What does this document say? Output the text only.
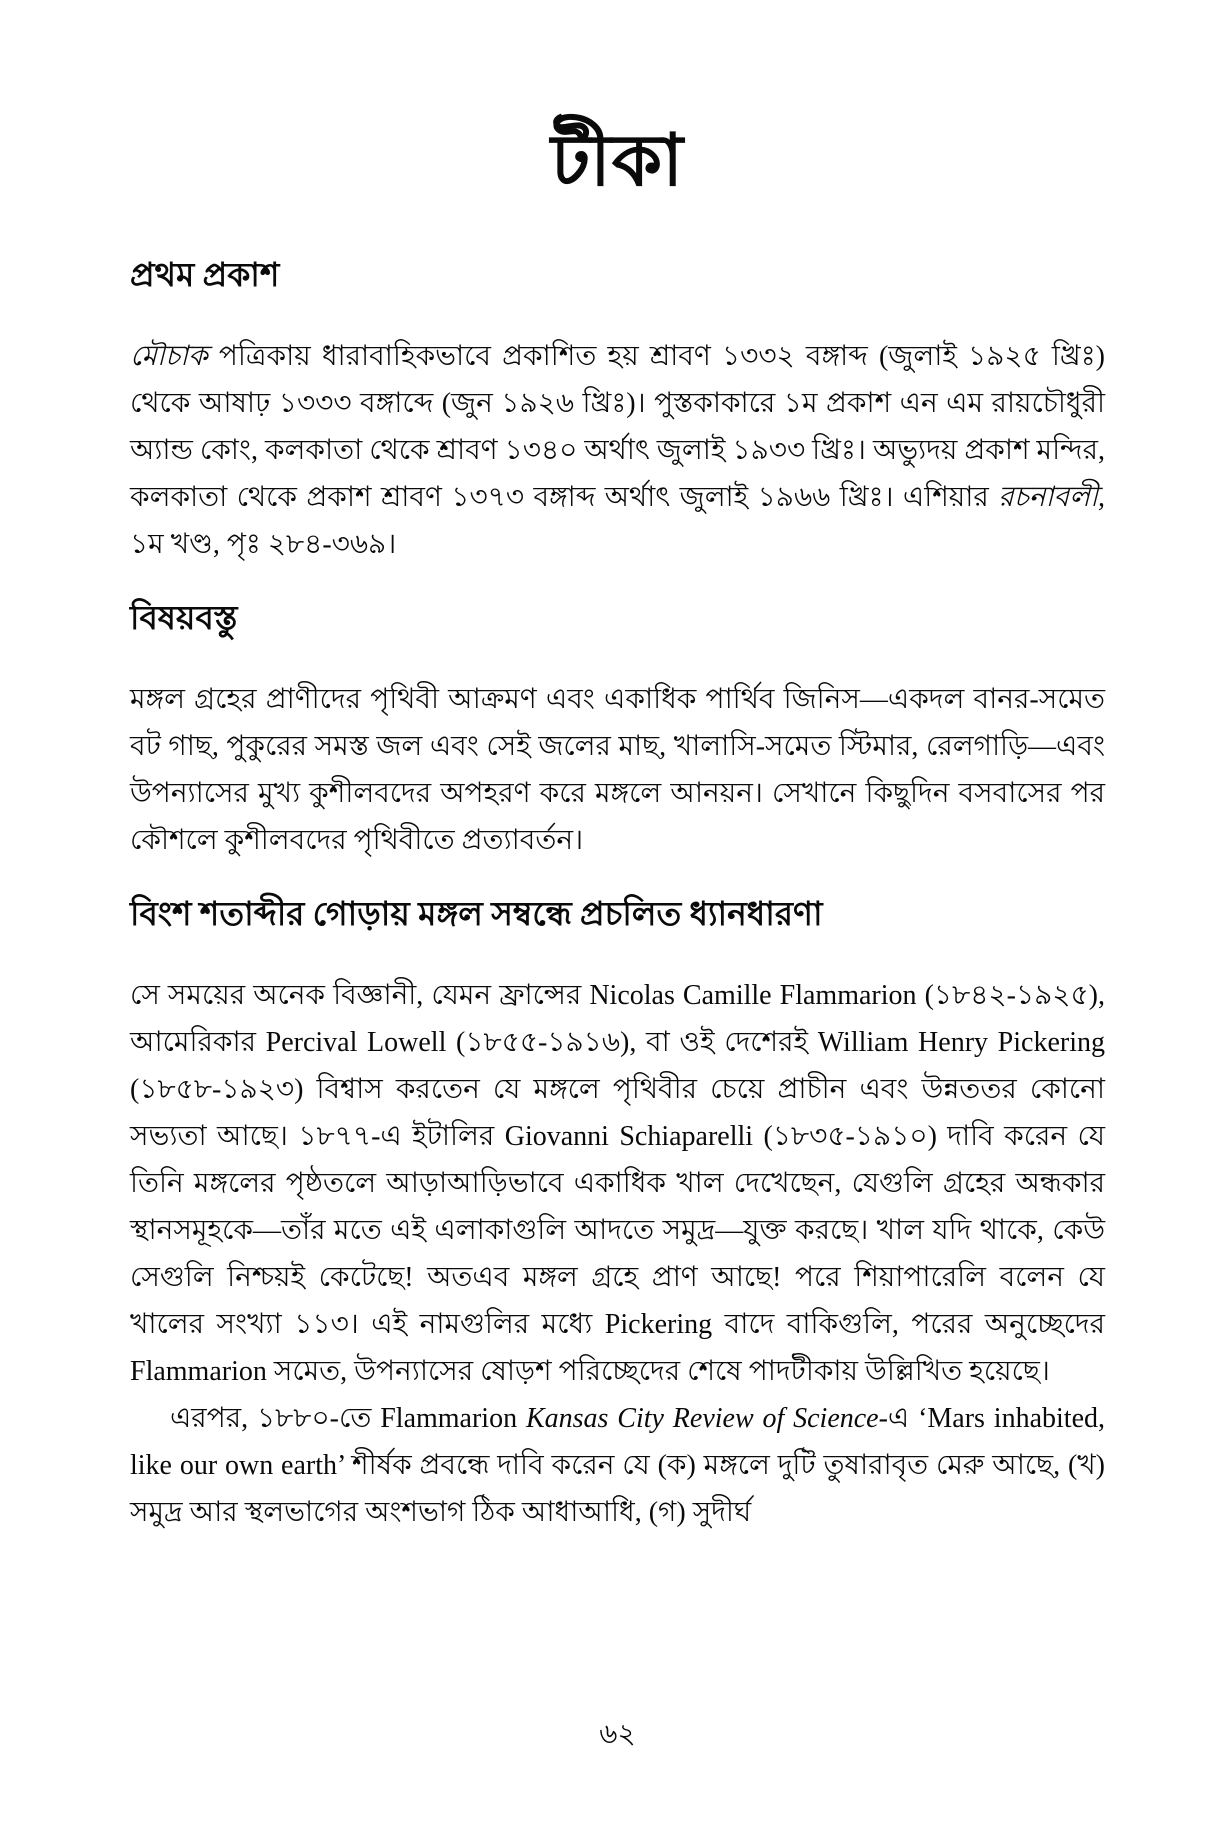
টীকা
প্রথম প্রকাশ

মৌচাক পত্রিকায় ধারাবাহিকভাবে প্রকাশিত হয় শ্রাবণ ১৩৩২ বঙ্গাব্দ (জুলাই ১৯২৫ খ্রিঃ) থেকে আষাঢ় ১৩৩৩ বঙ্গাব্দে (জুন ১৯২৬ খ্রিঃ)। পুস্তকাকারে ১ম প্রকাশ এন এম রায়চৌধুরী অ্যান্ড কোং, কলকাতা থেকে শ্রাবণ ১৩৪০ অর্থাৎ জুলাই ১৯৩৩ খ্রিঃ। অভ্যুদয় প্রকাশ মন্দির, কলকাতা থেকে প্রকাশ শ্রাবণ ১৩৭৩ বঙ্গাব্দ অর্থাৎ জুলাই ১৯৬৬ খ্রিঃ। এশিয়ার রচনাবলী, ১ম খণ্ড, পৃঃ ২৮৪-৩৬৯।

বিষয়বস্তু

মঙ্গল গ্রহের প্রাণীদের পৃথিবী আক্রমণ এবং একাধিক পার্থিব জিনিস—একদল বানর-সমেত বট গাছ, পুকুরের সমস্ত জল এবং সেই জলের মাছ, খালাসি-সমেত স্টিমার, রেলগাড়ি—এবং উপন্যাসের মুখ্য কুশীলবদের অপহরণ করে মঙ্গলে আনয়ন। সেখানে কিছুদিন বসবাসের পর কৌশলে কুশীলবদের পৃথিবীতে প্রত্যাবর্তন।

বিংশ শতাব্দীর গোড়ায় মঙ্গল সম্বন্ধে প্রচলিত ধ্যানধারণা

সে সময়ের অনেক বিজ্ঞানী, যেমন ফ্রান্সের Nicolas Camille Flammarion (১৮৪২-১৯২৫), আমেরিকার Percival Lowell (১৮৫৫-১৯১৬), বা ওই দেশেরই William Henry Pickering (১৮৫৮-১৯২৩) বিশ্বাস করতেন যে মঙ্গলে পৃথিবীর চেয়ে প্রাচীন এবং উন্নততর কোনো সভ্যতা আছে। ১৮৭৭-এ ইটালির Giovanni Schiaparelli (১৮৩৫-১৯১০) দাবি করেন যে তিনি মঙ্গলের পৃষ্ঠতলে আড়াআড়িভাবে একাধিক খাল দেখেছেন, যেগুলি গ্রহের অন্ধকার স্থানসমূহকে—তাঁর মতে এই এলাকাগুলি আদতে সমুদ্র—যুক্ত করছে। খাল যদি থাকে, কেউ সেগুলি নিশ্চয়ই কেটেছে! অতএব মঙ্গল গ্রহে প্রাণ আছে! পরে শিয়াপারেলি বলেন যে খালের সংখ্যা ১১৩। এই নামগুলির মধ্যে Pickering বাদে বাকিগুলি, পরের অনুচ্ছেদের Flammarion সমেত, উপন্যাসের ষোড়শ পরিচ্ছেদের শেষে পাদটীকায় উল্লিখিত হয়েছে।

এরপর, ১৮৮০-তে Flammarion Kansas City Review of Science-এ ‘Mars inhabited, like our own earth’ শীর্ষক প্রবন্ধে দাবি করেন যে (ক) মঙ্গলে দুটি তুষারাবৃত মেরু আছে, (খ) সমুদ্র আর স্থলভাগের অংশভাগ ঠিক আধাআধি, (গ) সুদীর্ঘ

৬২
